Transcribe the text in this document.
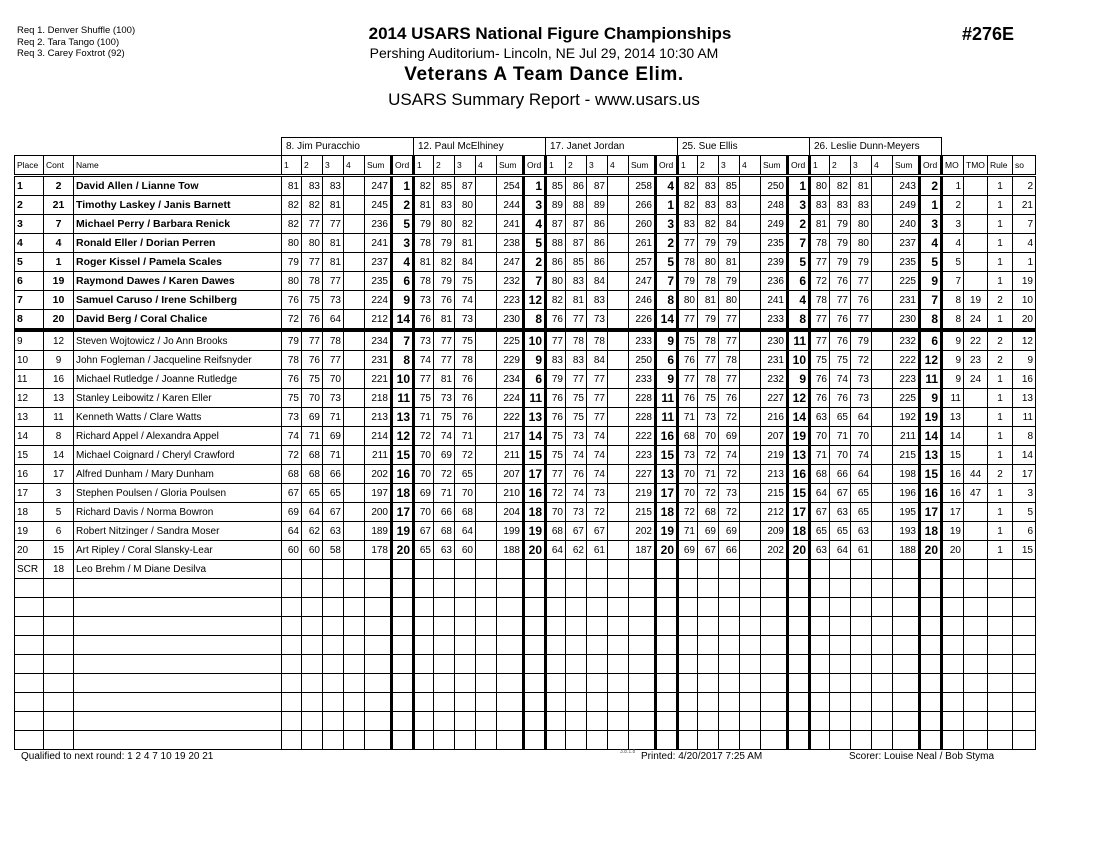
Req 1. Denver Shuffle (100)
Req 2. Tara Tango (100)
Req 3. Carey Foxtrot (92)
2014 USARS National Figure Championships
Pershing Auditorium- Lincoln, NE Jul 29, 2014 10:30 AM
Veterans A Team Dance Elim.
USARS Summary Report - www.usars.us
#276E
			8. Jim Puracchio						12. Paul McElhiney						17. Janet Jordan						25. Sue Ellis						26. Leslie Dunn-Meyers									
Place	Cont	Name	1	2	3	4	Sum	Ord	1	2	3	4	Sum	Ord	1	2	3	4	Sum	Ord	1	2	3	4	Sum	Ord	1	2	3	4	Sum	Ord	MO	TMO	Rule	so
1	2	David Allen / Lianne Tow	81	83	83		247	1	82	85	87		254	1	85	86	87		258	4	82	83	85		250	1	80	82	81		243	2	1		1	2
2	21	Timothy Laskey / Janis Barnett	82	82	81		245	2	81	83	80		244	3	89	88	89		266	1	82	83	83		248	3	83	83	83		249	1	2		1	21
3	7	Michael Perry / Barbara Renick	82	77	77		236	5	79	80	82		241	4	87	87	86		260	3	83	82	84		249	2	81	79	80		240	3	3		1	7
4	4	Ronald Eller / Dorian Perren	80	80	81		241	3	78	79	81		238	5	88	87	86		261	2	77	79	79		235	7	78	79	80		237	4	4		1	4
5	1	Roger Kissel / Pamela Scales	79	77	81		237	4	81	82	84		247	2	86	85	86		257	5	78	80	81		239	5	77	79	79		235	5	5		1	1
6	19	Raymond Dawes / Karen Dawes	80	78	77		235	6	78	79	75		232	7	80	83	84		247	7	79	78	79		236	6	72	76	77		225	9	7		1	19
7	10	Samuel Caruso / Irene Schilberg	76	75	73		224	9	73	76	74		223	12	82	81	83		246	8	80	81	80		241	4	78	77	76		231	7	8	19	2	10
8	20	David Berg / Coral Chalice	72	76	64		212	14	76	81	73		230	8	76	77	73		226	14	77	79	77		233	8	77	76	77		230	8	8	24	1	20
9	12	Steven Wojtowicz / Jo Ann Brooks	79	77	78		234	7	73	77	75		225	10	77	78	78		233	9	75	78	77		230	11	77	76	79		232	6	9	22	2	12
10	9	John Fogleman / Jacqueline Reifsnyder	78	76	77		231	8	74	77	78		229	9	83	83	84		250	6	76	77	78		231	10	75	75	72		222	12	9	23	2	9
11	16	Michael Rutledge / Joanne Rutledge	76	75	70		221	10	77	81	76		234	6	79	77	77		233	9	77	78	77		232	9	76	74	73		223	11	9	24	1	16
12	13	Stanley Leibowitz / Karen Eller	75	70	73		218	11	75	73	76		224	11	76	75	77		228	11	76	75	76		227	12	76	76	73		225	9	11		1	13
13	11	Kenneth Watts / Clare Watts	73	69	71		213	13	71	75	76		222	13	76	75	77		228	11	71	73	72		216	14	63	65	64		192	19	13		1	11
14	8	Richard Appel / Alexandra Appel	74	71	69		214	12	72	74	71		217	14	75	73	74		222	16	68	70	69		207	19	70	71	70		211	14	14		1	8
15	14	Michael Coignard / Cheryl Crawford	72	68	71		211	15	70	69	72		211	15	75	74	74		223	15	73	72	74		219	13	71	70	74		215	13	15		1	14
16	17	Alfred Dunham / Mary Dunham	68	68	66		202	16	70	72	65		207	17	77	76	74		227	13	70	71	72		213	16	68	66	64		198	15	16	44	2	17
17	3	Stephen Poulsen / Gloria Poulsen	67	65	65		197	18	69	71	70		210	16	72	74	73		219	17	70	72	73		215	15	64	67	65		196	16	16	47	1	3
18	5	Richard Davis / Norma Bowron	69	64	67		200	17	70	66	68		204	18	70	73	72		215	18	72	68	72		212	17	67	63	65		195	17	17		1	5
19	6	Robert Nitzinger / Sandra Moser	64	62	63		189	19	67	68	64		199	19	68	67	67		202	19	71	69	69		209	18	65	65	63		193	18	19		1	6
20	15	Art Ripley / Coral Slansky-Lear	60	60	58		178	20	65	63	60		188	20	64	62	61		187	20	69	67	66		202	20	63	64	61		188	20	20		1	15
SCR	18	Leo Brehm / M Diane Desilva																																		

Qualified to next round: 1 2 4 7 10 19 20 21	3.8.1.8 Printed: 4/20/2017 7:25 AM	Scorer: Louise Neal / Bob Styma
